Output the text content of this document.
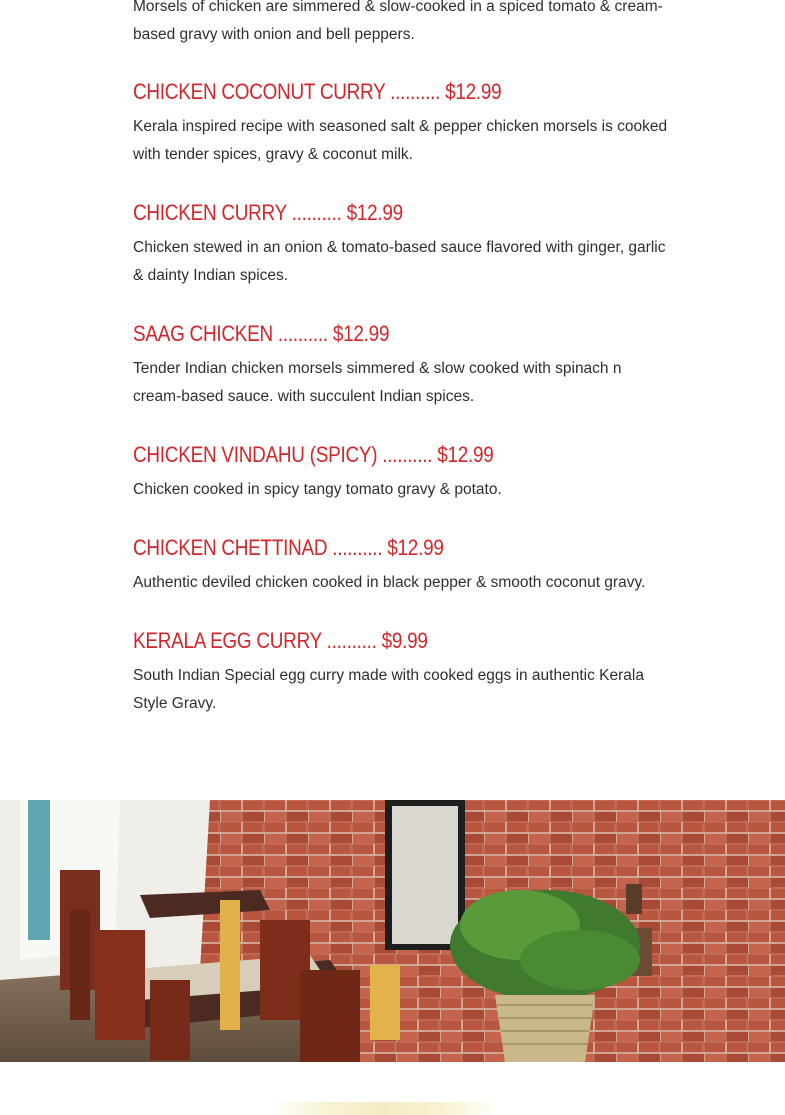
Morsels of chicken are simmered & slow-cooked in a spiced tomato & cream-based gravy with onion and bell peppers.

CHICKEN COCONUT CURRY .......... $12.99

Kerala inspired recipe with seasoned salt & pepper chicken morsels is cooked with tender spices, gravy & coconut milk.

CHICKEN CURRY .......... $12.99

Chicken stewed in an onion & tomato-based sauce flavored with ginger, garlic & dainty Indian spices.

SAAG CHICKEN .......... $12.99

Tender Indian chicken morsels simmered & slow cooked with spinach n cream-based sauce. with succulent Indian spices.

CHICKEN VINDAHU (SPICY) .......... $12.99

Chicken cooked in spicy tangy tomato gravy & potato.

CHICKEN CHETTINAD .......... $12.99

Authentic deviled chicken cooked in black pepper & smooth coconut gravy.

KERALA EGG CURRY .......... $9.99

South Indian Special egg curry made with cooked eggs in authentic Kerala Style Gravy.
